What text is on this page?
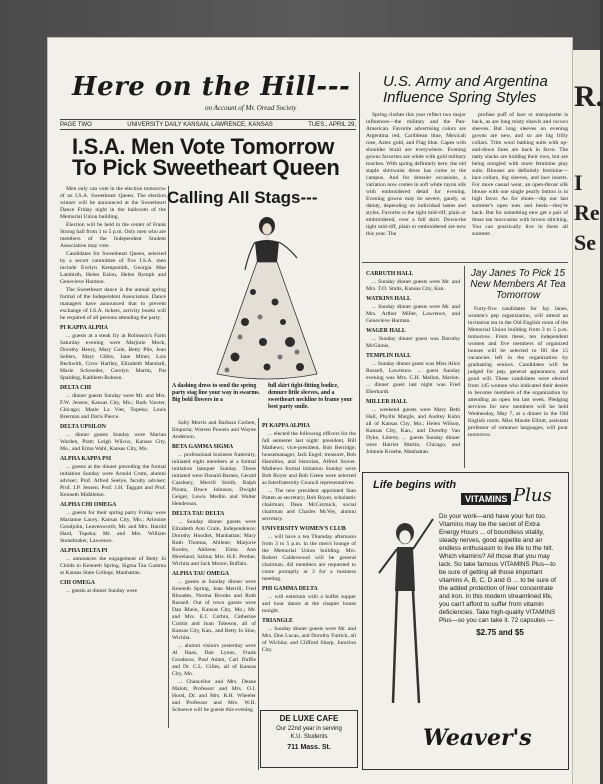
R.
I
Re
Se
Here on the Hill---
on Account of Mr. Oread Society
PAGE TWO	UNIVERSITY DAILY KANSAN, LAWRENCE, KANSAS	TUES., APRIL 29,
I.S.A. Men Vote Tomorrow To Pick Sweetheart Queen

Men only can vote in the election tomorrow of an I.S.A. Sweetheart Queen. The election winner will be announced at the Sweetheart Dance Friday night in the ballroom of the Memorial Union building.

Election will be held in the center of Frank Strong hall from 1 to 5 p.m. Only men who are members of the Independent Student Association may vote.

Candidates for Sweetheart Queen, selected by a secret committee of five I.S.A. men include Evelyn Kempsmith, Georgia Mae Lambirth, Helen Ealon, Helen Rymph and Genevieve Harmon.

The Sweetheart dance is the annual spring formal of the Independent Association. Dance managers have announced that to prevent exchange of I.S.A. tickets, activity books will be required of all persons attending the party.

PI KAPPA ALPHA

... guests at a steak fry at Robinson's Farm Saturday evening were Marjorie Mock, Dorothy Henry, Mary Cole, Betty Pile, Jean Sellers, Mary Gibbs, Jane Miner, Lois Beckwith, Crow Hartley, Elizabeth Marshall, Marie Schroeder, Carolyn Martin, Pat Spalding, Kathleen Robson.

DELTA CHI

... dinner guests Sunday were Mr. and Mrs. F.W. Jensen, Kansas City, Mo.; Ruth Vawter, Chicago; Marie La Vier, Topeka; Louis Brerman and Doris Pierce.

DELTA UPSILON

... dinner guests Sunday were Marian Warden, Pratt; Leigh Wilcox, Kansas City, Mo., and Erma Wahl, Kansas City, Mo.

ALPHA KAPPA PSI

... guests at the dinner preceding the formal initiation Sunday were Arnold Crum, alumni adviser; Prof. Alfred Seelye, faculty adviser; Prof. J.P. Jensen; Prof. J.H. Taggart and Prof. Kenneth Middleton.

ALPHA CHI OMEGA

... guests for their spring party Friday were Marianne Lacey, Kansas City, Mo.; Arlouine Goodjohn, Leavenworth; Mr. and Mrs. Harold Hard, Topeka; Mr. and Mrs. William Stonebraker, Lawrence.

ALPHA DELTA PI

... announces the engagement of Betty Jo Childs to Kenneth Spring. Sigma Tau Gamma at Kansas State College, Manhattan.

CHI OMEGA

... guests at dinner Sunday were

Calling All Stags---
A dashing dress to send the spring party stag line your way in swarms. Big bold flowers in a
full skirt tight-fitting bodice, demure little sleeves, and a sweetheart neckline to frame your best party smile.

Sally Morris and Barbara Corbett, Emporia; Warren Powers and Wayne Anderson.

BETA GAMMA SIGMA

... professional business fraternity, initiated eight members at a formal initiation banquet Sunday. Those initiated were Donald Barnes, Gerald Cassbury, Merrill Smith, Ralph Plouta, Bruce Johnson, Dwight Geiger, Lewis Medlin and Walter Henderson.

DELTA TAU DELTA

... Sunday dinner guests were Elizabeth Ann Crain, Independence; Dorothy Hoodlet, Manhattan; Mary Ruth Thomas, Abilene; Marjorie Border, Abilene; Elma Ann Moreland, Salina; Mrs. H.E. Perdue, Wichita and Jack Moore, Buffalo.

ALPHA TAU OMEGA

... guests at Sunday dinner were Kenneth Spring, Jean Merrill, Fred Rhoades, Norma Brooks and Ruth Russell. Out of town guests were Dan Rhein, Kansas City, Mo.; Mr. and Mrs. E.J. Corbin, Catherine Corbin and Joan Tobeson, all of Kansas City, Kan., and Betty Jo Sine, Wichita.

... alumni visitors yesterday were Al Haas, Dan Lyons, Frank Goodnow, Paul Adam, Carl Duffie and Dr. C.L. Gilles, all of Kansas City, Mo.

... Chancellor and Mrs. Deane Malott, Professor and Mrs. O.J. Hood, Dr. and Mrs. R.H. Wheeler and Professor and Mrs. W.H. Schoewe will be guests this evening

PI KAPPA ALPHA

... elected the following officers for the fall semester last night: president, Bill Mathews; vice-president, Bob Berridge; housemanager, Jack Engel; treasurer, Bob Hamilton, and historian, Alfred Stover. Mathews formal initiation Sunday were Bob Royer and Bob Green were selected as Interfraternity Council representatives.

... The new president appointed Stan Patten as secretary; Bob Royer, scholastic chairman; Dean McCormick, social chairman and Charles McVey, alumni secretary.

UNIVERSITY WOMEN'S CLUB

... will have a tea Thursday afternoon from 3 to 5 p.m. in the men's lounge of the Memorial Union building. Mrs. Robert Calderwood will be general chairman. All members are requested to come promptly at 3 for a business meeting.

PHI GAMMA DELTA

... will entertain with a buffet supper and hour dance at the chapter house tonight.

TRIANGLE

... Sunday dinner guests were Mr. and Mrs. Don Lucas, and Dorothy Furtick, all of Wichita; and Clifford Sharp, Junction City.

DE LUXE CAFE
Our 22nd year in serving
K.U. Students
711 Mass. St.
U.S. Army and Argentina Influence Spring Styles

Spring clothes this year reflect two major influences—the military and the Pan-American. Favorite advertising colors are Argentina red, Caribbean blue, Mexicali rose, Aztec gold, and Flag blue. Capes with shoulder braid are everywhere. Evening gowns favorites are white with gold military touches. With spring definitely here, the old staple shirtwaist dress has come to the campus. And for dressier occasions, a variation now comes in soft white rayon silk with embroidered detail for evening. Evening gowns may be severe, gaudy, or dainty, depending on individual tastes and styles. Favorite is the tight mid-riff, plain or embroidered, over a full skirt. Down-the tight mid-riff, plain or embroidered are new this year. The

profuse puff of lace or marquisette is back, as are long misty shawls and rococo sleeves. But long sleeves on evening gowns are new, and so are big frilly collars. Trim wool bathing suits with up-and-down lines are back in favor. The natty slacks are holding their own, but are being mingled with more feminine play suits. Blouses are definitely feminine—lace collars, big sleeves, and lace inserts. For more casual wear, an open-throat silk blouse with one single pearly button is in high favor. As for shoes—dip out last summer's open toes and heels—they're back. But for something new get a pair of those tan moccasins with brown stitching. You can practically live in them all summer.

CARRUTH HALL

... Sunday dinner guests were Mr. and Mrs. T.O. Stults, Kansas City, Kan.

WATKINS HALL

... Sunday dinner guests were Mr. and Mrs. Arthur Miller, Lawrence, and Genevieve Harman.

WAGER HALL

... Sunday dinner guest was Dorothy McGinnis.

TEMPLIN HALL

... Sunday dinner guest was Miss Alice Russell, Lawrence. ... guest Sunday evening was Mrs. C.H. Mallon, Marion. ... dinner guest last night was Fred Eberhardt.

MILLER HALL

... weekend guests were Mary Beth Hall, Phyllis Margle, and Audrey Kuhn all of Kansas City, Mo.; Helen Wilson, Kansas City, Kan.; and Dorothy Van Dyke, Liberty. ... guests Sunday dinner were Harriet Martin, Chicago, and Johnnie Kroehe, Manhattan.

Jay Janes To Pick 15 New Members At Tea Tomorrow

Forty-five candidates for Jay Janes, women's pep organization, will attend an invitation tea in the Old English room of the Memorial Union building from 3 to 5 p.m. tomorrow. From these, ten independent women and five members of organized houses will be selected to fill the 15 vacancies left in the organization by graduating seniors. Candidates will be judged for pep, general appearance, and good will. These candidates were elected from 145 women who indicated their desire to become members of the organization by attending an open tea last week. Pledging services for new members will be held Wednesday, May 7, at a dinner in the Old English room. Miss Maude Elliott, assistant professor of romance languages, will pour tomorrow.

Life begins with
VITAMINS Plus

Do your work—and have your fun too. Vitamins may be the secret of Extra Energy Hours ... of boundless vitality, steady nerves, good appetite and an endless enthusiasm to live life to the hilt. Which vitamins? All those that you may lack. So take famous VITAMINS Plus—to be sure of getting all those important vitamins A, B, C, D and G ... to be sure of the added protection of liver concentrate and iron. In this modern streamlined life, you can't afford to suffer from vitamin deficiencies. Take high-quality VITAMINS Plus—so you can take it. 72 capsules —

$2.75 and $5

Weaver's
